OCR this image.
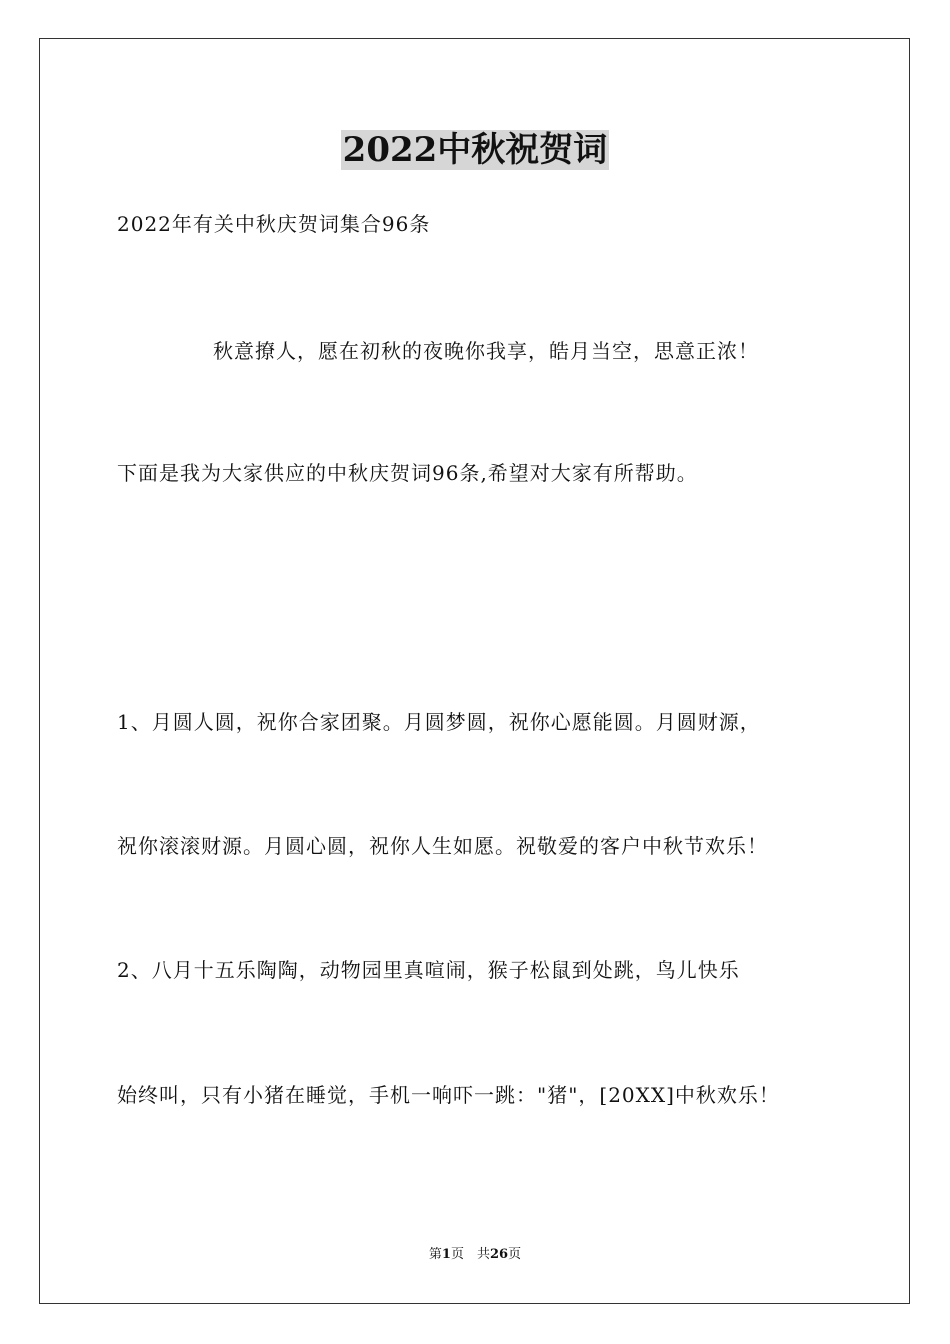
2022中秋祝贺词
2022年有关中秋庆贺词集合96条
秋意撩人，愿在初秋的夜晚你我享，皓月当空，思意正浓！
下面是我为大家供应的中秋庆贺词96条,希望对大家有所帮助。
1、月圆人圆，祝你合家团聚。月圆梦圆，祝你心愿能圆。月圆财源，
祝你滚滚财源。月圆心圆，祝你人生如愿。祝敬爱的客户中秋节欢乐！
2、八月十五乐陶陶，动物园里真喧闹，猴子松鼠到处跳，鸟儿快乐
始终叫，只有小猪在睡觉，手机一响吓一跳："猪"，[20XX]中秋欢乐！
第1页　共26页
